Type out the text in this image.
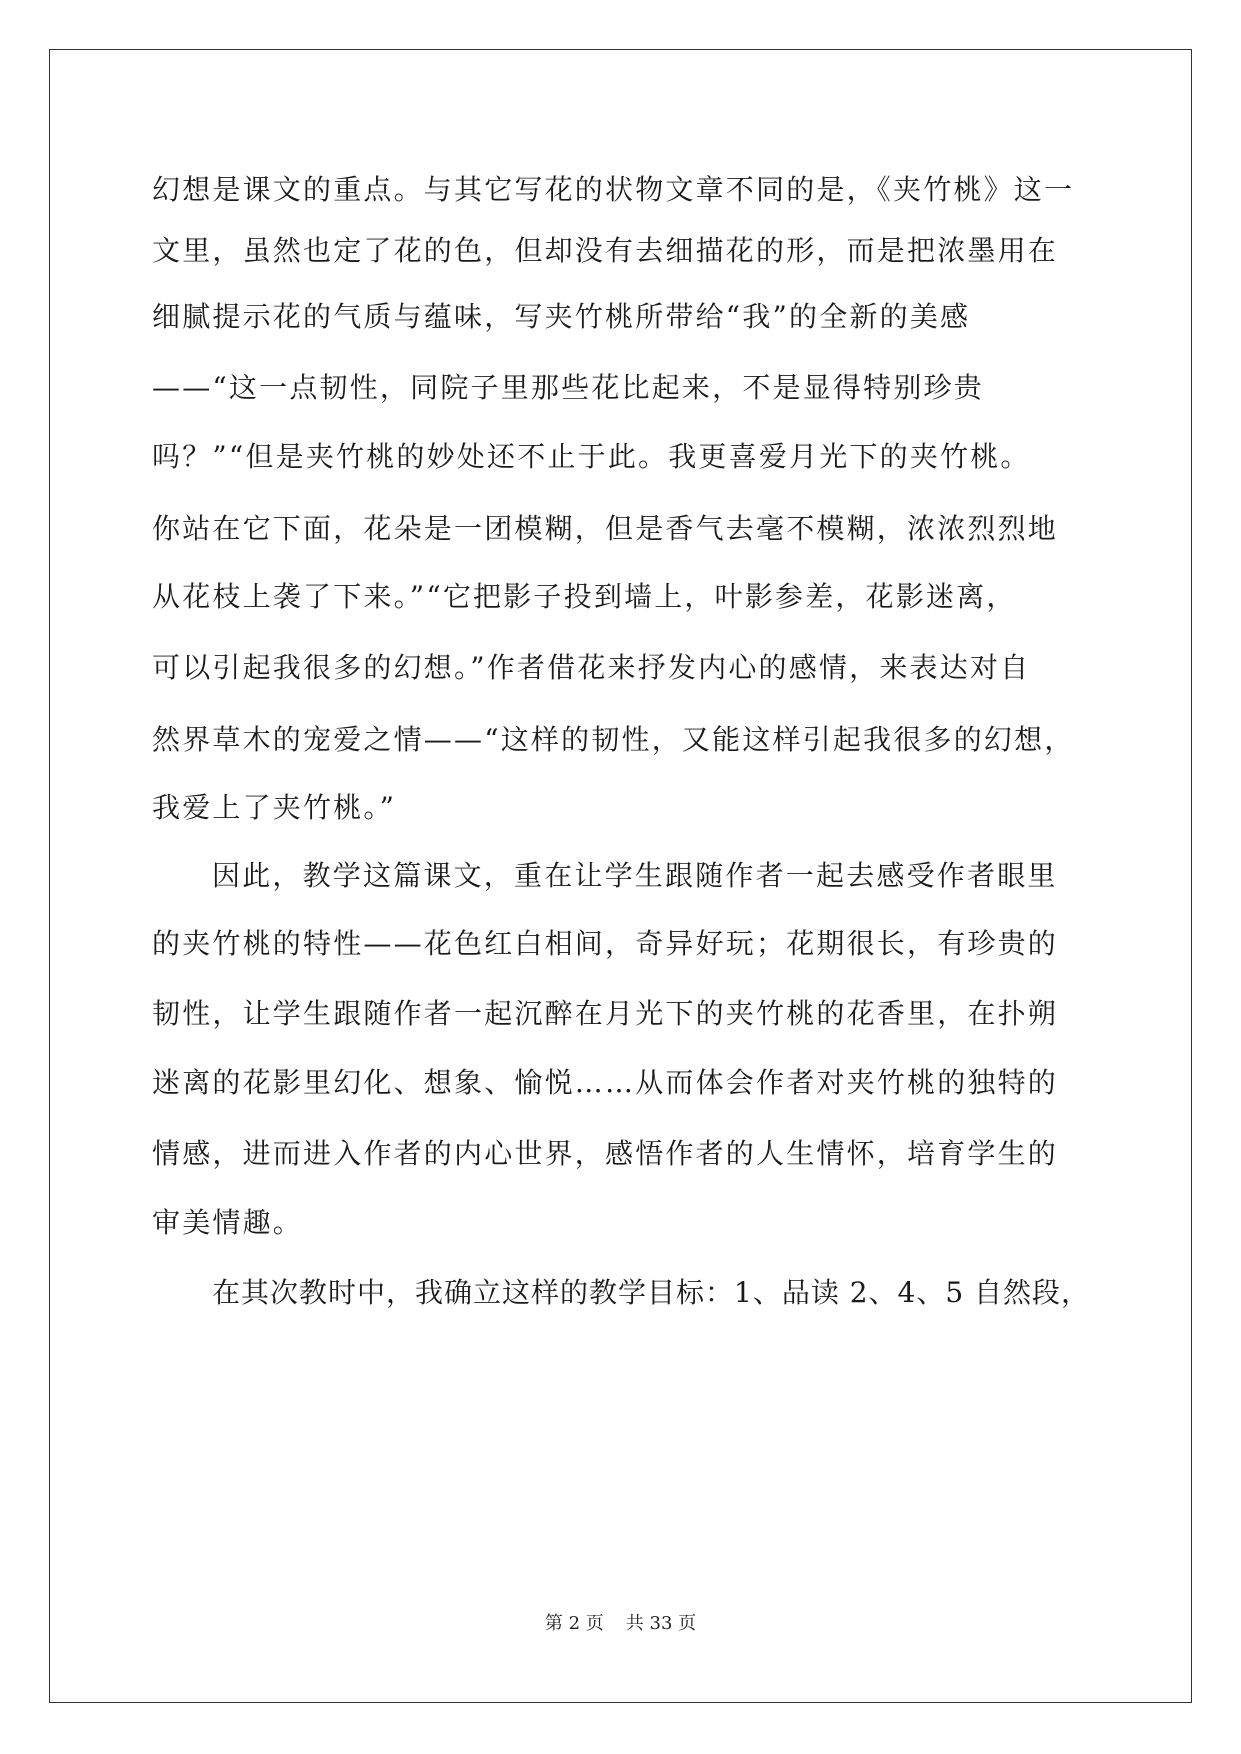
幻想是课文的重点。与其它写花的状物文章不同的是，《夹竹桃》这一
文里，虽然也定了花的色，但却没有去细描花的形，而是把浓墨用在
细腻提示花的气质与蕴味，写夹竹桃所带给“我”的全新的美感
——“这一点韧性，同院子里那些花比起来，不是显得特别珍贵
吗？”“但是夹竹桃的妙处还不止于此。我更喜爱月光下的夹竹桃。
你站在它下面，花朵是一团模糊，但是香气去毫不模糊，浓浓烈烈地
从花枝上袭了下来。”“它把影子投到墙上，叶影参差，花影迷离，
可以引起我很多的幻想。”作者借花来抒发内心的感情，来表达对自
然界草木的宠爱之情——“这样的韧性，又能这样引起我很多的幻想，
我爱上了夹竹桃。”
因此，教学这篇课文，重在让学生跟随作者一起去感受作者眼里
的夹竹桃的特性——花色红白相间，奇异好玩；花期很长，有珍贵的
韧性，让学生跟随作者一起沉醉在月光下的夹竹桃的花香里，在扑朔
迷离的花影里幻化、想象、愉悦……从而体会作者对夹竹桃的独特的
情感，进而进入作者的内心世界，感悟作者的人生情怀，培育学生的
审美情趣。
在其次教时中，我确立这样的教学目标：1、品读 2、4、5 自然段，
第 2 页 共 33 页
